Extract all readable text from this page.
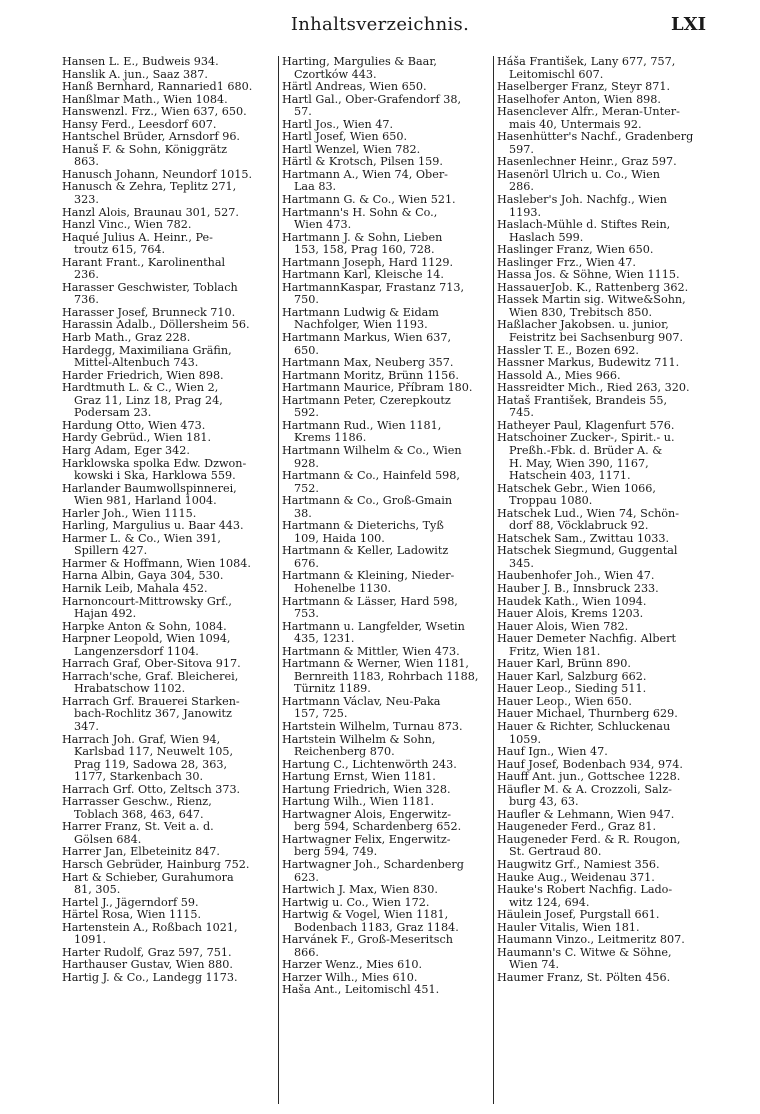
Inhaltsverzeichnis.	LXI
Hansen L. E., Budweis 934.
Hanslik A. jun., Saaz 387.
Hanß Bernhard, Rannaried1 680.
Hanßlmar Math., Wien 1084.
Hanswenzl. Frz., Wien 637, 650.
Hansy Ferd., Leesdorf 607.
Hantschel Brüder, Arnsdorf 96.
Hanuš F. & Sohn, Königgrätz
863.
Hanusch Johann, Neundorf 1015.
Hanusch & Zehra, Teplitz 271,
323.
Hanzl Alois, Braunau 301, 527.
Hanzl Vinc., Wien 782.
Haqué Julius A. Heinr., Pe-
troutz 615, 764.
Harant Frant., Karolinenthal
236.
Harasser Geschwister, Toblach
736.
Harasser Josef, Brunneck 710.
Harassin Adalb., Döllersheim 56.
Harb Math., Graz 228.
Hardegg, Maximiliana Gräfin,
Mittel-Altenbuch 743.
Harder Friedrich, Wien 898.
Hardtmuth L. & C., Wien 2,
Graz 11, Linz 18, Prag 24,
Podersam 23.
Hardung Otto, Wien 473.
Hardy Gebrüd., Wien 181.
Harg Adam, Eger 342.
Harklowska spolka Edw. Dzwon-
kowski i Ska, Harklowa 559.
Harlander Baumwollspinnerei,
Wien 981, Harland 1004.
Harler Joh., Wien 1115.
Harling, Margulius u. Baar 443.
Harmer L. & Co., Wien 391,
Spillern 427.
Harmer & Hoffmann, Wien 1084.
Harna Albin, Gaya 304, 530.
Harnik Leib, Mahala 452.
Harnoncourt-Mittrowsky Grf.,
Hajan 492.
Harpke Anton & Sohn, 1084.
Harpner Leopold, Wien 1094,
Langenzersdorf 1104.
Harrach Graf, Ober-Sitova 917.
Harrach'sche, Graf. Bleicherei,
Hrabatschow 1102.
Harrach Grf. Brauerei Starken-
bach-Rochlitz 367, Janowitz
347.
Harrach Joh. Graf, Wien 94,
Karlsbad 117, Neuwelt 105,
Prag 119, Sadowa 28, 363,
1177, Starkenbach 30.
Harrach Grf. Otto, Zeltsch 373.
Harrasser Geschw., Rienz,
Toblach 368, 463, 647.
Harrer Franz, St. Veit a. d.
Gölsen 684.
Harrer Jan, Elbeteinitz 847.
Harsch Gebrüder, Hainburg 752.
Hart & Schieber, Gurahumora
81, 305.
Hartel J., Jägerndorf 59.
Härtel Rosa, Wien 1115.
Hartenstein A., Roßbach 1021,
1091.
Harter Rudolf, Graz 597, 751.
Harthauser Gustav, Wien 880.
Hartig J. & Co., Landegg 1173.
Harting, Margulies & Baar,
Czortków 443.
Härtl Andreas, Wien 650.
Hartl Gal., Ober-Grafendorf 38,
57.
Hartl Jos., Wien 47.
Hartl Josef, Wien 650.
Hartl Wenzel, Wien 782.
Härtl & Krotsch, Pilsen 159.
Hartmann A., Wien 74, Ober-
Laa 83.
Hartmann G. & Co., Wien 521.
Hartmann's H. Sohn & Co.,
Wien 473.
Hartmann J. & Sohn, Lieben
153, 158, Prag 160, 728.
Hartmann Joseph, Hard 1129.
Hartmann Karl, Kleische 14.
HartmannKaspar, Frastanz 713,
750.
Hartmann Ludwig & Eidam
Nachfolger, Wien 1193.
Hartmann Markus, Wien 637,
650.
Hartmann Max, Neuberg 357.
Hartmann Moritz, Brünn 1156.
Hartmann Maurice, Příbram 180.
Hartmann Peter, Czerepkoutz
592.
Hartmann Rud., Wien 1181,
Krems 1186.
Hartmann Wilhelm & Co., Wien
928.
Hartmann & Co., Hainfeld 598,
752.
Hartmann & Co., Groß-Gmain
38.
Hartmann & Dieterichs, Tyß
109, Haida 100.
Hartmann & Keller, Ladowitz
676.
Hartmann & Kleining, Nieder-
Hohenelbe 1130.
Hartmann & Lässer, Hard 598,
753.
Hartmann u. Langfelder, Wsetin
435, 1231.
Hartmann & Mittler, Wien 473.
Hartmann & Werner, Wien 1181,
Bernreith 1183, Rohrbach 1188,
Türnitz 1189.
Hartmann Václav, Neu-Paka
157, 725.
Hartstein Wilhelm, Turnau 873.
Hartstein Wilhelm & Sohn,
Reichenberg 870.
Hartung C., Lichtenwörth 243.
Hartung Ernst, Wien 1181.
Hartung Friedrich, Wien 328.
Hartung Wilh., Wien 1181.
Hartwagner Alois, Engerwitz-
berg 594, Schardenberg 652.
Hartwagner Felix, Engerwitz-
berg 594, 749.
Hartwagner Joh., Schardenberg
623.
Hartwich J. Max, Wien 830.
Hartwig u. Co., Wien 172.
Hartwig & Vogel, Wien 1181,
Bodenbach 1183, Graz 1184.
Harvánek F., Groß-Meseritsch
866.
Harzer Wenz., Mies 610.
Harzer Wilh., Mies 610.
Haša Ant., Leitomischl 451.
Háša František, Lany 677, 757,
Leitomischl 607.
Haselberger Franz, Steyr 871.
Haselhofer Anton, Wien 898.
Hasenclever Alfr., Meran-Unter-
mais 40, Untermais 92.
Hasenhütter's Nachf., Gradenberg
597.
Hasenlechner Heinr., Graz 597.
Hasenörl Ulrich u. Co., Wien
286.
Hasleber's Joh. Nachfg., Wien
1193.
Haslach-Mühle d. Stiftes Rein,
Haslach 599.
Haslinger Franz, Wien 650.
Haslinger Frz., Wien 47.
Hassa Jos. & Söhne, Wien 1115.
HassauerJob. K., Rattenberg 362.
Hassek Martin sig. Witwe&Sohn,
Wien 830, Trebitsch 850.
Haßlacher Jakobsen. u. junior,
Feistritz bei Sachsenburg 907.
Hassler T. E., Bozen 692.
Hassner Markus, Budewitz 711.
Hassold A., Mies 966.
Hassreidter Mich., Ried 263, 320.
Hataš František, Brandeis 55,
745.
Hatheyer Paul, Klagenfurt 576.
Hatschoiner Zucker-, Spirit.- u.
Preßh.-Fbk. d. Brüder A. &
H. May, Wien 390, 1167,
Hatschein 403, 1171.
Hatschek Gebr., Wien 1066,
Troppau 1080.
Hatschek Lud., Wien 74, Schön-
dorf 88, Vöcklabruck 92.
Hatschek Sam., Zwittau 1033.
Hatschek Siegmund, Guggental
345.
Haubenhofer Joh., Wien 47.
Hauber J. B., Innsbruck 233.
Haudek Kath., Wien 1094.
Hauer Alois, Krems 1203.
Hauer Alois, Wien 782.
Hauer Demeter Nachfig. Albert
Fritz, Wien 181.
Hauer Karl, Brünn 890.
Hauer Karl, Salzburg 662.
Hauer Leop., Sieding 511.
Hauer Leop., Wien 650.
Hauer Michael, Thurnberg 629.
Hauer & Richter, Schluckenau
1059.
Hauf Ign., Wien 47.
Hauf Josef, Bodenbach 934, 974.
Hauff Ant. jun., Gottschee 1228.
Häufler M. & A. Crozzoli, Salz-
burg 43, 63.
Haufler & Lehmann, Wien 947.
Haugeneder Ferd., Graz 81.
Haugeneder Ferd. & R. Rougon,
St. Gertraud 80.
Haugwitz Grf., Namiest 356.
Hauke Aug., Weidenau 371.
Hauke's Robert Nachfig. Lado-
witz 124, 694.
Häulein Josef, Purgstall 661.
Hauler Vitalis, Wien 181.
Haumann Vinzo., Leitmeritz 807.
Haumann's C. Witwe & Söhne,
Wien 74.
Haumer Franz, St. Pölten 456.
